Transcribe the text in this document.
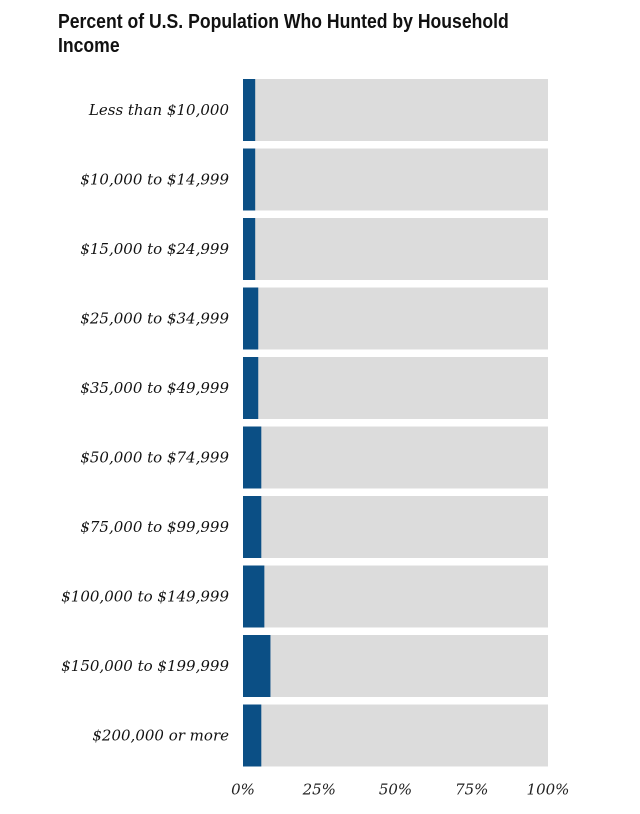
Percent of U.S. Population Who Hunted by Household Income
Less than $10,000
$10,000 to $14,999
$15,000 to $24,999
$25,000 to $34,999
$35,000 to $49,999
$50,000 to $74,999
$75,000 to $99,999
$100,000 to $149,999
$150,000 to $199,999
$200,000 or more
0%	25%	50%	75%	100%
